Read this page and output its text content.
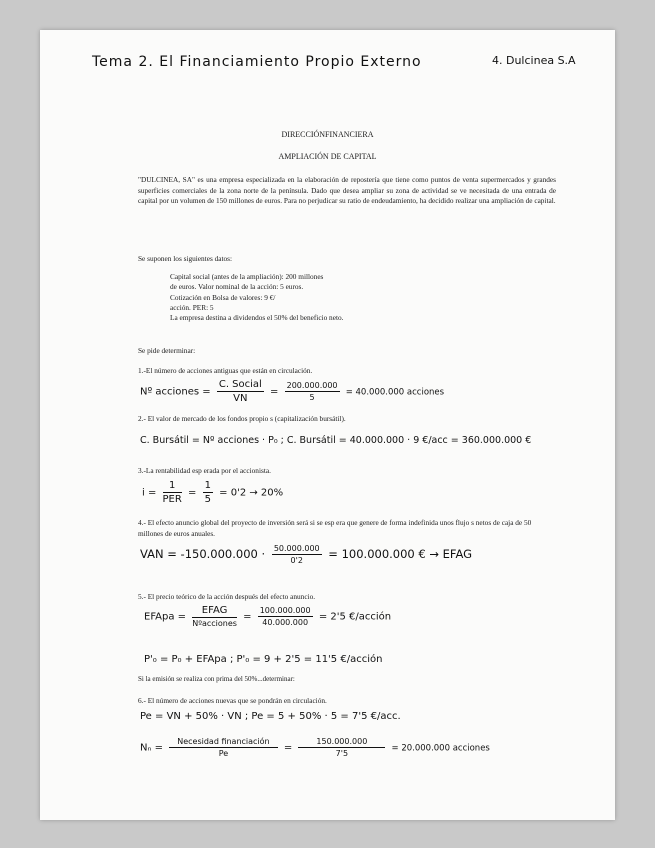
Tema 2. El Financiamiento Propio Externo	4. Dulcinea S.A
DIRECCIÓNFINANCIERA
AMPLIACIÓN DE CAPITAL
"DULCINEA, SA" es una empresa especializada en la elaboración de repostería que tiene como puntos de venta supermercados y grandes superficies comerciales de la zona norte de la península. Dado que desea ampliar su zona de actividad se ve necesitada de una entrada de capital por un volumen de 150 millones de euros. Para no perjudicar su ratio de endeudamiento, ha decidido realizar una ampliación de capital.
Se suponen los siguientes datos:
Capital social (antes de la ampliación): 200 millones
de euros. Valor nominal de la acción: 5 euros.
Cotización en Bolsa de valores: 9 €/
acción. PER: 5
La empresa destina a dividendos el 50% del beneficio neto.
Se pide determinar:
1.-El número de acciones antiguas que están en circulación.
Nº acciones = $\frac{\text{C. Social}}{VN} = \frac{200.000.000}{5} = 40.000.000$ acciones
2.- El valor de mercado de los fondos propio s (capitalización bursátil).
C. Bursátil = Nº acciones · P₀ ; C. Bursátil = 40.000.000 · 9 €/acc = 360.000.000 €
3.-La rentabilidad esp erada por el accionista.
$i = \frac{1}{\text{PER}} = \frac{1}{5} = 0'2 \to 20\%$
4.- El efecto anuncio global del proyecto de inversión será si se esp era que genere de forma indefinida unos flujo s netos de caja de 50 millones de euros anuales.
VAN = $-150.000.000 \cdot \frac{50.000.000}{0'2} = 100.000.000$ € → EFAG
5.- El precio teórico de la acción después del efecto anuncio.
EFApa = $\frac{\text{EFAG}}{\text{Nºacciones}} = \frac{100.000.000}{40.000.000} = 2'5$ €/acción
P'₀ = P₀ + EFApa ; P'₀ = 9 + 2'5 = 11'5 €/acción
Si la emisión se realiza con prima del 50%...determinar:
6.- El número de acciones nuevas que se pondrán en circulación.
Pe = VN + 50% · VN ; Pe = 5 + 50% · 5 = 7'5 €/acc.
$N_n = \frac{\text{Necesidad financiación}}{Pe} = \frac{150.000.000}{7'5} = 20.000.000$ acciones
